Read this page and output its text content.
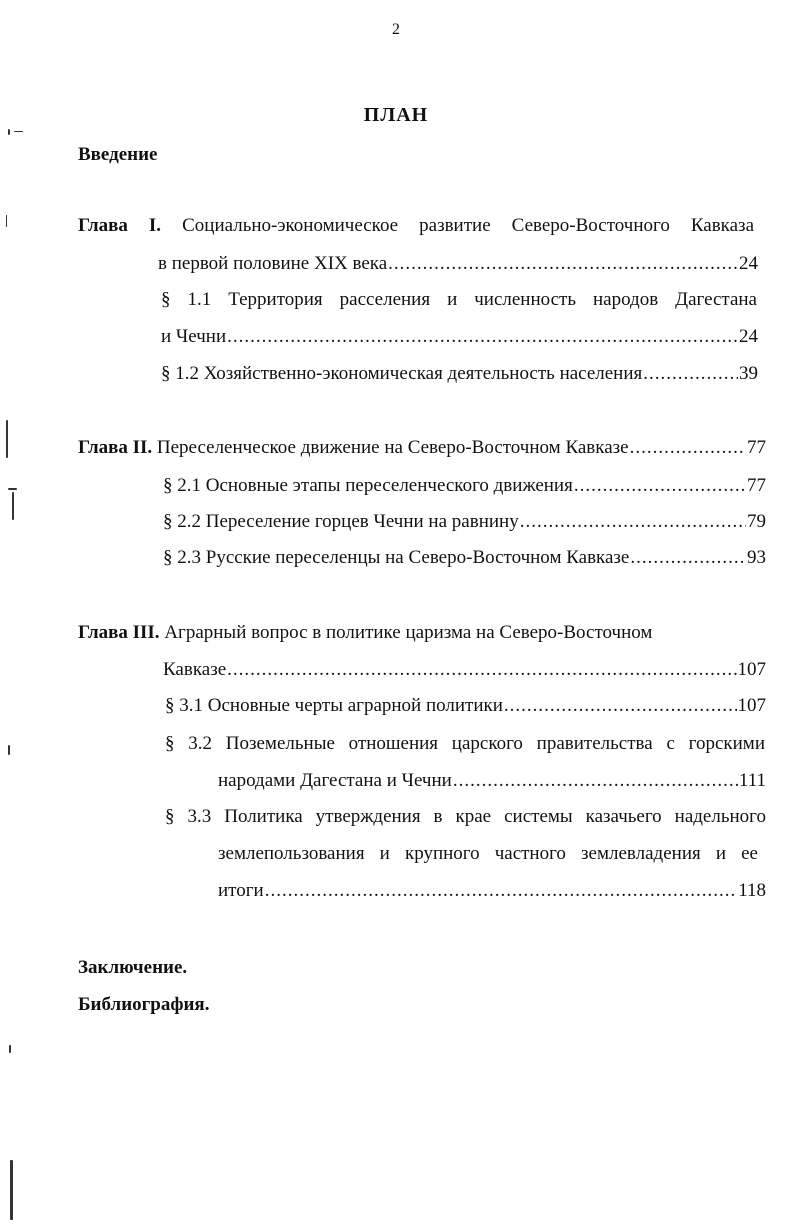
2
ПЛАН
Введение
Глава I. Социально-экономическое развитие Северо-Восточного Кавказа
в первой половине XIX века .....	24
§ 1.1 Территория расселения и численность народов Дагестана
и Чечни .....	24
§ 1.2 Хозяйственно-экономическая деятельность населения .....	39
Глава II. Переселенческое движение на Северо-Восточном Кавказе .....	77
§ 2.1 Основные этапы переселенческого движения .....	77
§ 2.2 Переселение горцев Чечни на равнину .....	79
§ 2.3 Русские переселенцы на Северо-Восточном Кавказе .....	93
Глава III. Аграрный вопрос в политике царизма на Северо-Восточном
Кавказе .....	107
§ 3.1 Основные черты аграрной политики .....	107
§ 3.2 Поземельные отношения царского правительства с горскими
народами Дагестана и Чечни .....	111
§ 3.3 Политика утверждения в крае системы казачьего надельного
землепользования и крупного частного землевладения и ее
итоги .....	118
Заключение.
Библиография.
